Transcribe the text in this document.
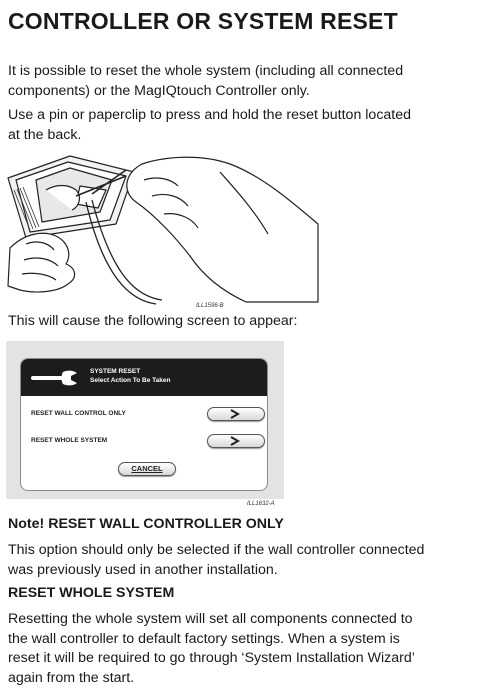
CONTROLLER OR SYSTEM RESET

It is possible to reset the whole system (including all connected
components) or the MagIQtouch Controller only.

Use a pin or paperclip to press and hold the reset button located
at the back.

ILL1596-B

This will cause the following screen to appear:

SYSTEM RESET
Select Action To Be Taken
RESET WALL CONTROL ONLY
RESET WHOLE SYSTEM
CANCEL
ILL1632-A
Note! RESET WALL CONTROLLER ONLY

This option should only be selected if the wall controller connected
was previously used in another installation.

RESET WHOLE SYSTEM

Resetting the whole system will set all components connected to
the wall controller to default factory settings. When a system is
reset it will be required to go through ‘System Installation Wizard’
again from the start.
